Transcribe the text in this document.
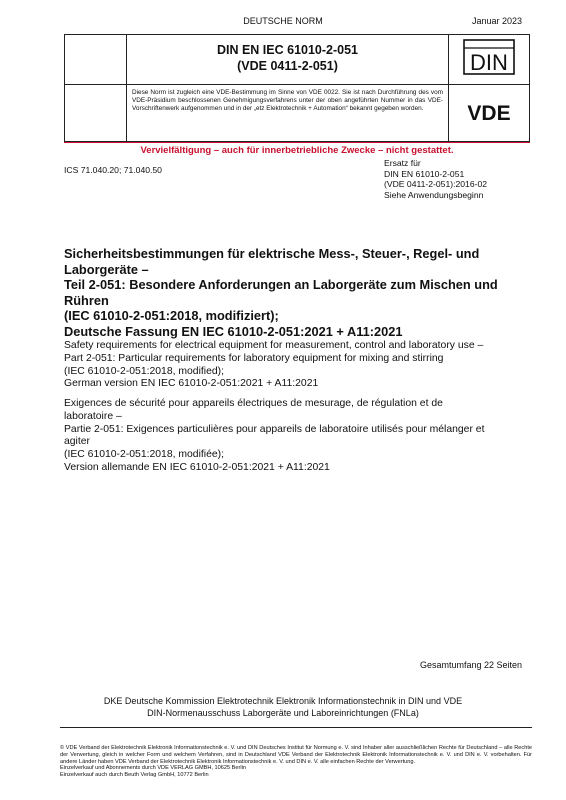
DEUTSCHE NORM	Januar 2023
DIN EN IEC 61010-2-051
(VDE 0411-2-051)	DIN
Diese Norm ist zugleich eine VDE-Bestimmung im Sinne von VDE 0022. Sie ist nach Durchführung des vom VDE-Präsidium beschlossenen Genehmigungsverfahrens unter der oben angeführten Nummer in das VDE-Vorschriftenwerk aufgenommen und in der „etz Elektrotechnik + Automation“ bekannt gegeben worden.	VDE
Vervielfältigung – auch für innerbetriebliche Zwecke – nicht gestattet.
ICS 71.040.20; 71.040.50
Ersatz für
DIN EN 61010-2-051
(VDE 0411-2-051):2016-02
Siehe Anwendungsbeginn
Sicherheitsbestimmungen für elektrische Mess-, Steuer-, Regel- und
Laborgeräte –
Teil 2-051: Besondere Anforderungen an Laborgeräte zum Mischen und
Rühren
(IEC 61010-2-051:2018, modifiziert);
Deutsche Fassung EN IEC 61010-2-051:2021 + A11:2021
Safety requirements for electrical equipment for measurement, control and laboratory use –
Part 2-051: Particular requirements for laboratory equipment for mixing and stirring
(IEC 61010-2-051:2018, modified);
German version EN IEC 61010-2-051:2021 + A11:2021
Exigences de sécurité pour appareils électriques de mesurage, de régulation et de
laboratoire –
Partie 2-051: Exigences particulières pour appareils de laboratoire utilisés pour mélanger et
agiter
(IEC 61010-2-051:2018, modifiée);
Version allemande EN IEC 61010-2-051:2021 + A11:2021
Gesamtumfang 22 Seiten
DKE Deutsche Kommission Elektrotechnik Elektronik Informationstechnik in DIN und VDE
DIN-Normenausschuss Laborgeräte und Laboreinrichtungen (FNLa)
© VDE Verband der Elektrotechnik Elektronik Informationstechnik e. V. und DIN Deutsches Institut für Normung e. V. sind Inhaber aller ausschließlichen Rechte für Deutschland – alle Rechte der Verwertung, gleich in welcher Form und welchem Verfahren, sind in Deutschland VDE Verband der Elektrotechnik Elektronik Informationstechnik e. V. und DIN e. V. vorbehalten. Für andere Länder haben VDE Verband der Elektrotechnik Elektronik Informationstechnik e. V. und DIN e. V. alle einfachen Rechte der Verwertung.
Einzelverkauf und Abonnements durch VDE VERLAG GMBH, 10625 Berlin
Einzelverkauf auch durch Beuth Verlag GmbH, 10772 Berlin
